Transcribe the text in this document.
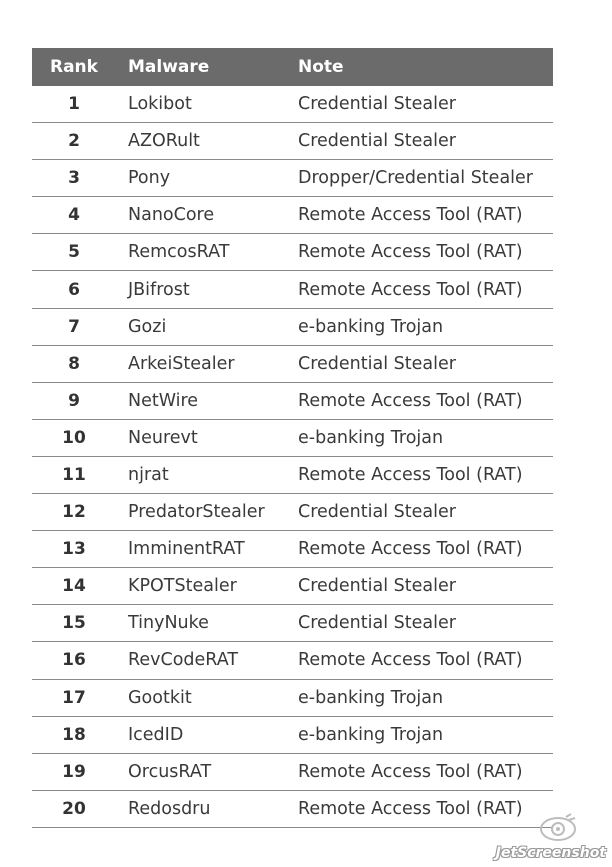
Rank	Malware	Note
1	Lokibot	Credential Stealer
2	AZORult	Credential Stealer
3	Pony	Dropper/Credential Stealer
4	NanoCore	Remote Access Tool (RAT)
5	RemcosRAT	Remote Access Tool (RAT)
6	JBifrost	Remote Access Tool (RAT)
7	Gozi	e-banking Trojan
8	ArkeiStealer	Credential Stealer
9	NetWire	Remote Access Tool (RAT)
10	Neurevt	e-banking Trojan
11	njrat	Remote Access Tool (RAT)
12	PredatorStealer	Credential Stealer
13	ImminentRAT	Remote Access Tool (RAT)
14	KPOTStealer	Credential Stealer
15	TinyNuke	Credential Stealer
16	RevCodeRAT	Remote Access Tool (RAT)
17	Gootkit	e-banking Trojan
18	IcedID	e-banking Trojan
19	OrcusRAT	Remote Access Tool (RAT)
20	Redosdru	Remote Access Tool (RAT)
JetScreenshot
